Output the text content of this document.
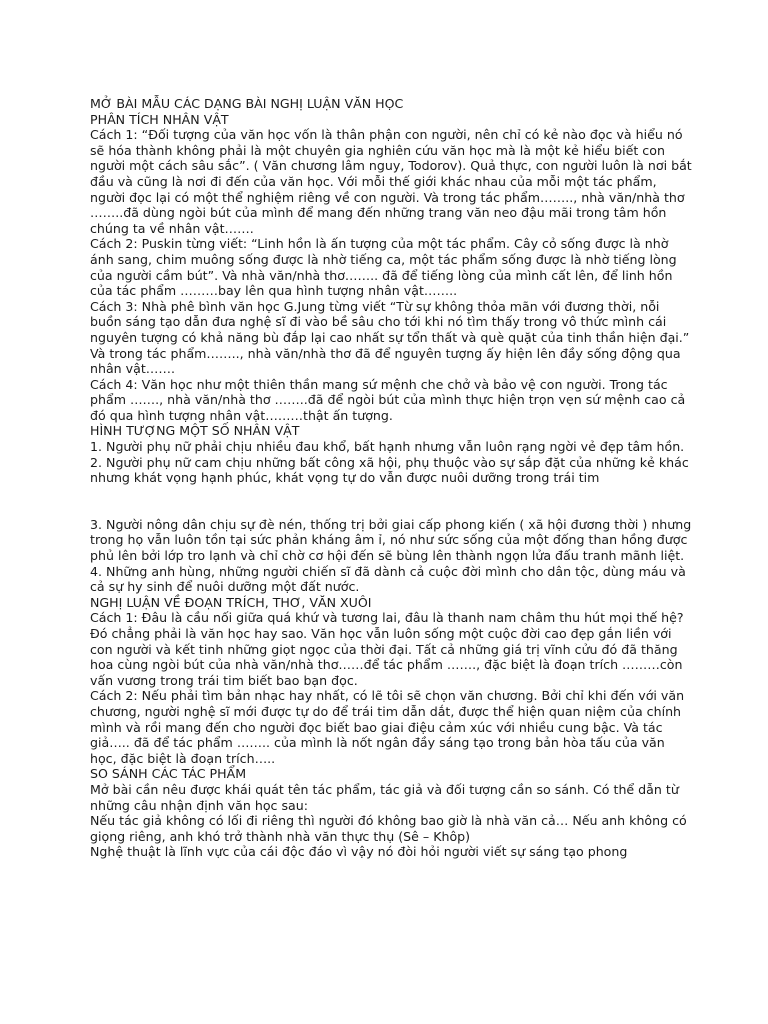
MỞ BÀI MẪU CÁC DẠNG BÀI NGHỊ LUẬN VĂN HỌC

PHÂN TÍCH NHÂN VẬT

Cách 1: “Đối tượng của văn học vốn là thân phận con người, nên chỉ có kẻ nào đọc và hiểu nó sẽ hóa thành không phải là một chuyên gia nghiên cứu văn học mà là một kẻ hiểu biết con người một cách sâu sắc”. ( Văn chương lâm nguy, Todorov). Quả thực, con người luôn là nơi bắt đầu và cũng là nơi đi đến của văn học. Với mỗi thế giới khác nhau của mỗi một tác phẩm, người đọc lại có một thể nghiệm riêng về con người. Và trong tác phẩm…….., nhà văn/nhà thơ ……..đã dùng ngòi bút của mình để mang đến những trang văn neo đậu mãi trong tâm hồn chúng ta về nhân vật…….

Cách 2: Puskin từng viết: “Linh hồn là ấn tượng của một tác phẩm. Cây cỏ sống được là nhờ ánh sang, chim muông sống được là nhờ tiếng ca, một tác phẩm sống được là nhờ tiếng lòng của người cầm bút”. Và nhà văn/nhà thơ…….. đã để tiếng lòng của mình cất lên, để linh hồn của tác phẩm ………bay lên qua hình tượng nhân vật……..

Cách 3: Nhà phê bình văn học G.Jung từng viết “Từ sự không thỏa mãn với đương thời, nỗi buồn sáng tạo dẫn đưa nghệ sĩ đi vào bề sâu cho tới khi nó tìm thấy trong vô thức mình cái nguyên tượng có khả năng bù đắp lại cao nhất sự tổn thất và què quặt của tinh thần hiện đại.” Và trong tác phẩm…….., nhà văn/nhà thơ đã để nguyên tượng ấy hiện lên đầy sống động qua nhân vật…….

Cách 4: Văn học như một thiên thần mang sứ mệnh che chở và bảo vệ con người. Trong tác phẩm ……., nhà văn/nhà thơ ……..đã để ngòi bút của mình thực hiện trọn vẹn sứ mệnh cao cả đó qua hình tượng nhân vật………thật ấn tượng.

HÌNH TƯỢNG MỘT SỐ NHÂN VẬT

1. Người phụ nữ phải chịu nhiều đau khổ, bất hạnh nhưng vẫn luôn rạng ngời vẻ đẹp tâm hồn.

2. Người phụ nữ cam chịu những bất công xã hội, phụ thuộc vào sự sắp đặt của những kẻ khác nhưng khát vọng hạnh phúc, khát vọng tự do vẫn được nuôi dưỡng trong trái tim

3. Người nông dân chịu sự đè nén, thống trị bởi giai cấp phong kiến ( xã hội đương thời ) nhưng trong họ vẫn luôn tồn tại sức phản kháng âm ỉ, nó như sức sống của một đống than hồng được phủ lên bởi lớp tro lạnh và chỉ chờ cơ hội đến sẽ bùng lên thành ngọn lửa đấu tranh mãnh liệt.

4. Những anh hùng, những người chiến sĩ đã dành cả cuộc đời mình cho dân tộc, dùng máu và cả sự hy sinh để nuôi dưỡng một đất nước.

NGHỊ LUẬN VỀ ĐOẠN TRÍCH, THƠ, VĂN XUÔI

Cách 1: Đâu là cầu nối giữa quá khứ và tương lai, đâu là thanh nam châm thu hút mọi thế hệ? Đó chẳng phải là văn học hay sao. Văn học vẫn luôn sống một cuộc đời cao đẹp gắn liền với con người và kết tinh những giọt ngọc của thời đại. Tất cả những giá trị vĩnh cửu đó đã thăng hoa cùng ngòi bút của nhà văn/nhà thơ……để tác phẩm ……., đặc biệt là đoạn trích ………còn vấn vương trong trái tim biết bao bạn đọc.

Cách 2: Nếu phải tìm bản nhạc hay nhất, có lẽ tôi sẽ chọn văn chương. Bởi chỉ khi đến với văn chương, người nghệ sĩ mới được tự do để trái tim dẫn dắt, được thể hiện quan niệm của chính mình và rồi mang đến cho người đọc biết bao giai điệu cảm xúc với nhiều cung bậc. Và tác giả….. đã để tác phẩm …….. của mình là nốt ngân đầy sáng tạo trong bản hòa tấu của văn học, đặc biệt là đoạn trích…..

SO SÁNH CÁC TÁC PHẨM

Mở bài cần nêu được khái quát tên tác phẩm, tác giả và đối tượng cần so sánh. Có thể dẫn từ những câu nhận định văn học sau:

Nếu tác giả không có lối đi riêng thì người đó không bao giờ là nhà văn cả… Nếu anh không có giọng riêng, anh khó trở thành nhà văn thực thụ (Sê – Khôp)

Nghệ thuật là lĩnh vực của cái độc đáo vì vậy nó đòi hỏi người viết sự sáng tạo phong
